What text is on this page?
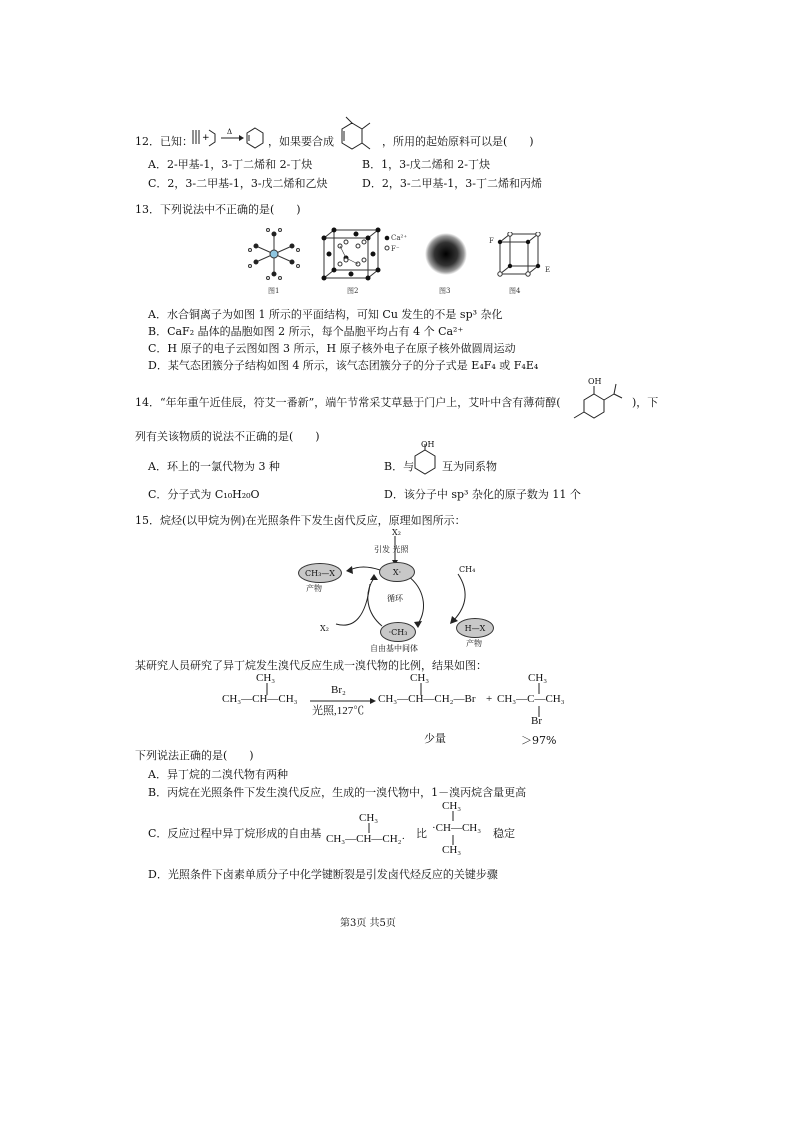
12．已知： +
Δ
，如果要合成	，所用的起始原料可以是(　　)
A．2-甲基-1，3-丁二烯和 2-丁炔	B．1，3-戊二烯和 2-丁炔
C．2，3-二甲基-1，3-戊二烯和乙炔	D．2，3-二甲基-1，3-丁二烯和丙烯
13．下列说法中不正确的是(　　)
图1
Ca²⁺
F⁻
图2	图3
F
E
图4
A．水合铜离子为如图 1 所示的平面结构，可知 Cu 发生的不是 sp³ 杂化
B．CaF₂ 晶体的晶胞如图 2 所示，每个晶胞平均占有 4 个 Ca²⁺
C．H 原子的电子云图如图 3 所示，H 原子核外电子在原子核外做圆周运动
D．某气态团簇分子结构如图 4 所示，该气态团簇分子的分子式是 E₄F₄ 或 F₄E₄
14．“年年重午近佳辰，符艾一番新”，端午节常采艾草悬于门户上，艾叶中含有薄荷醇(
OH
)，下
列有关该物质的说法不正确的是(　　)
A．环上的一氯代物为 3 种	B．与
OH
互为同系物
C．分子式为 C₁₀H₂₀O	D．该分子中 sp³ 杂化的原子数为 11 个
15．烷烃(以甲烷为例)在光照条件下发生卤代反应，原理如图所示：
X₂
引发 光照
X·
CH₃—X
产物
CH₄
循环
X₂	·CH₃	H—X
产物
自由基中间体
某研究人员研究了异丁烷发生溴代反应生成一溴代物的比例，结果如图：
CH₃
CH₃—CH—CH₃
Br₂
光照,127℃
CH₃
CH₃—CH—CH₂—Br +
CH₃
CH₃—C—CH₃
Br
少量	＞97%
下列说法正确的是(　　)
A．异丁烷的二溴代物有两种
B．丙烷在光照条件下发生溴代反应，生成的一溴代物中，1－溴丙烷含量更高
C．反应过程中异丁烷形成的自由基
CH₃
CH₃—CH—CH₂· 比
CH₃
·CH—CH₃
CH₃
稳定
D．光照条件下卤素单质分子中化学键断裂是引发卤代烃反应的关键步骤
第3页 共5页
